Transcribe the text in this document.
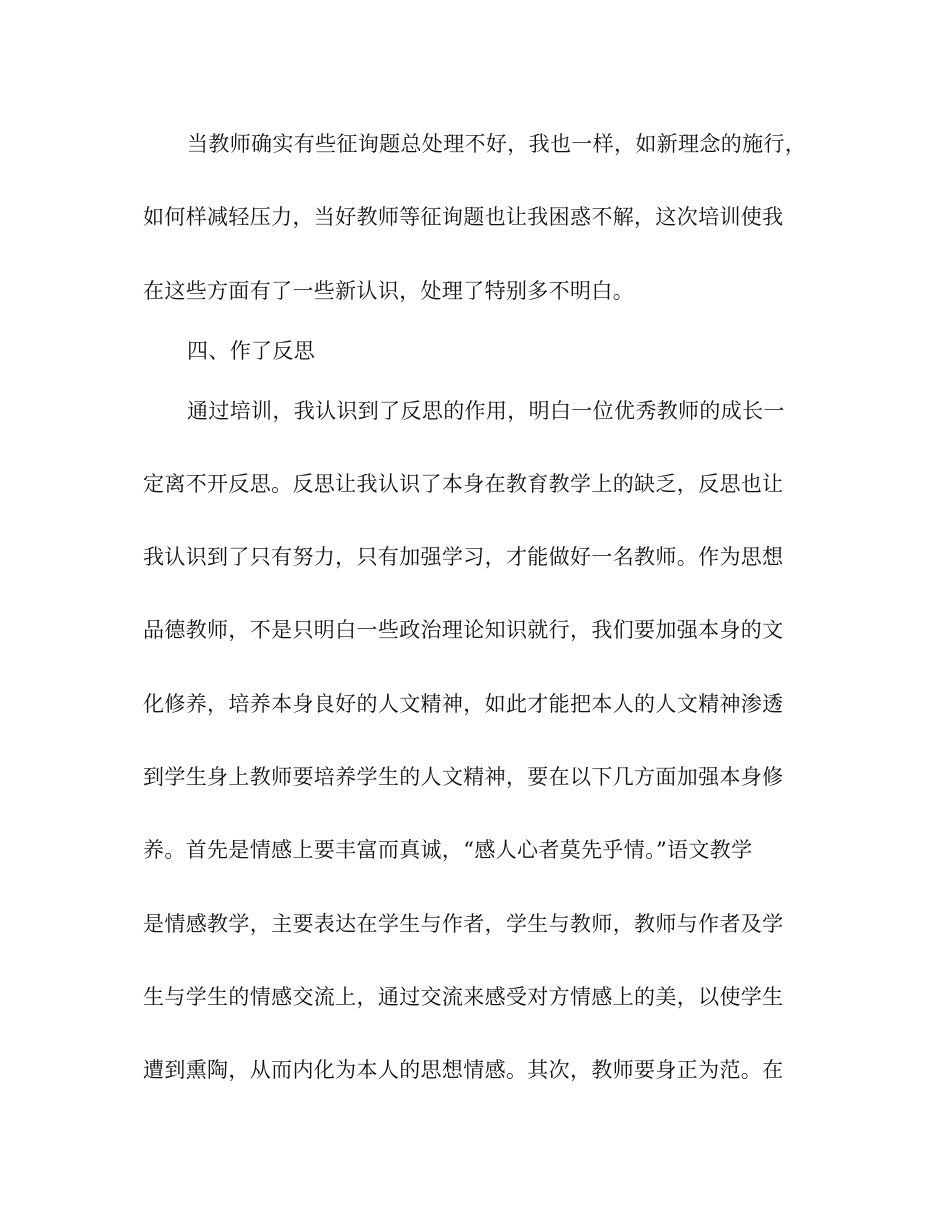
当教师确实有些征询题总处理不好，我也一样，如新理念的施行，
如何样减轻压力，当好教师等征询题也让我困惑不解，这次培训使我
在这些方面有了一些新认识，处理了特别多不明白。
四、作了反思
通过培训，我认识到了反思的作用，明白一位优秀教师的成长一
定离不开反思。反思让我认识了本身在教育教学上的缺乏，反思也让
我认识到了只有努力，只有加强学习，才能做好一名教师。作为思想
品德教师，不是只明白一些政治理论知识就行，我们要加强本身的文
化修养，培养本身良好的人文精神，如此才能把本人的人文精神渗透
到学生身上教师要培养学生的人文精神，要在以下几方面加强本身修
养。首先是情感上要丰富而真诚，“感人心者莫先乎情。”语文教学
是情感教学，主要表达在学生与作者，学生与教师，教师与作者及学
生与学生的情感交流上，通过交流来感受对方情感上的美，以使学生
遭到熏陶，从而内化为本人的思想情感。其次，教师要身正为范。在
